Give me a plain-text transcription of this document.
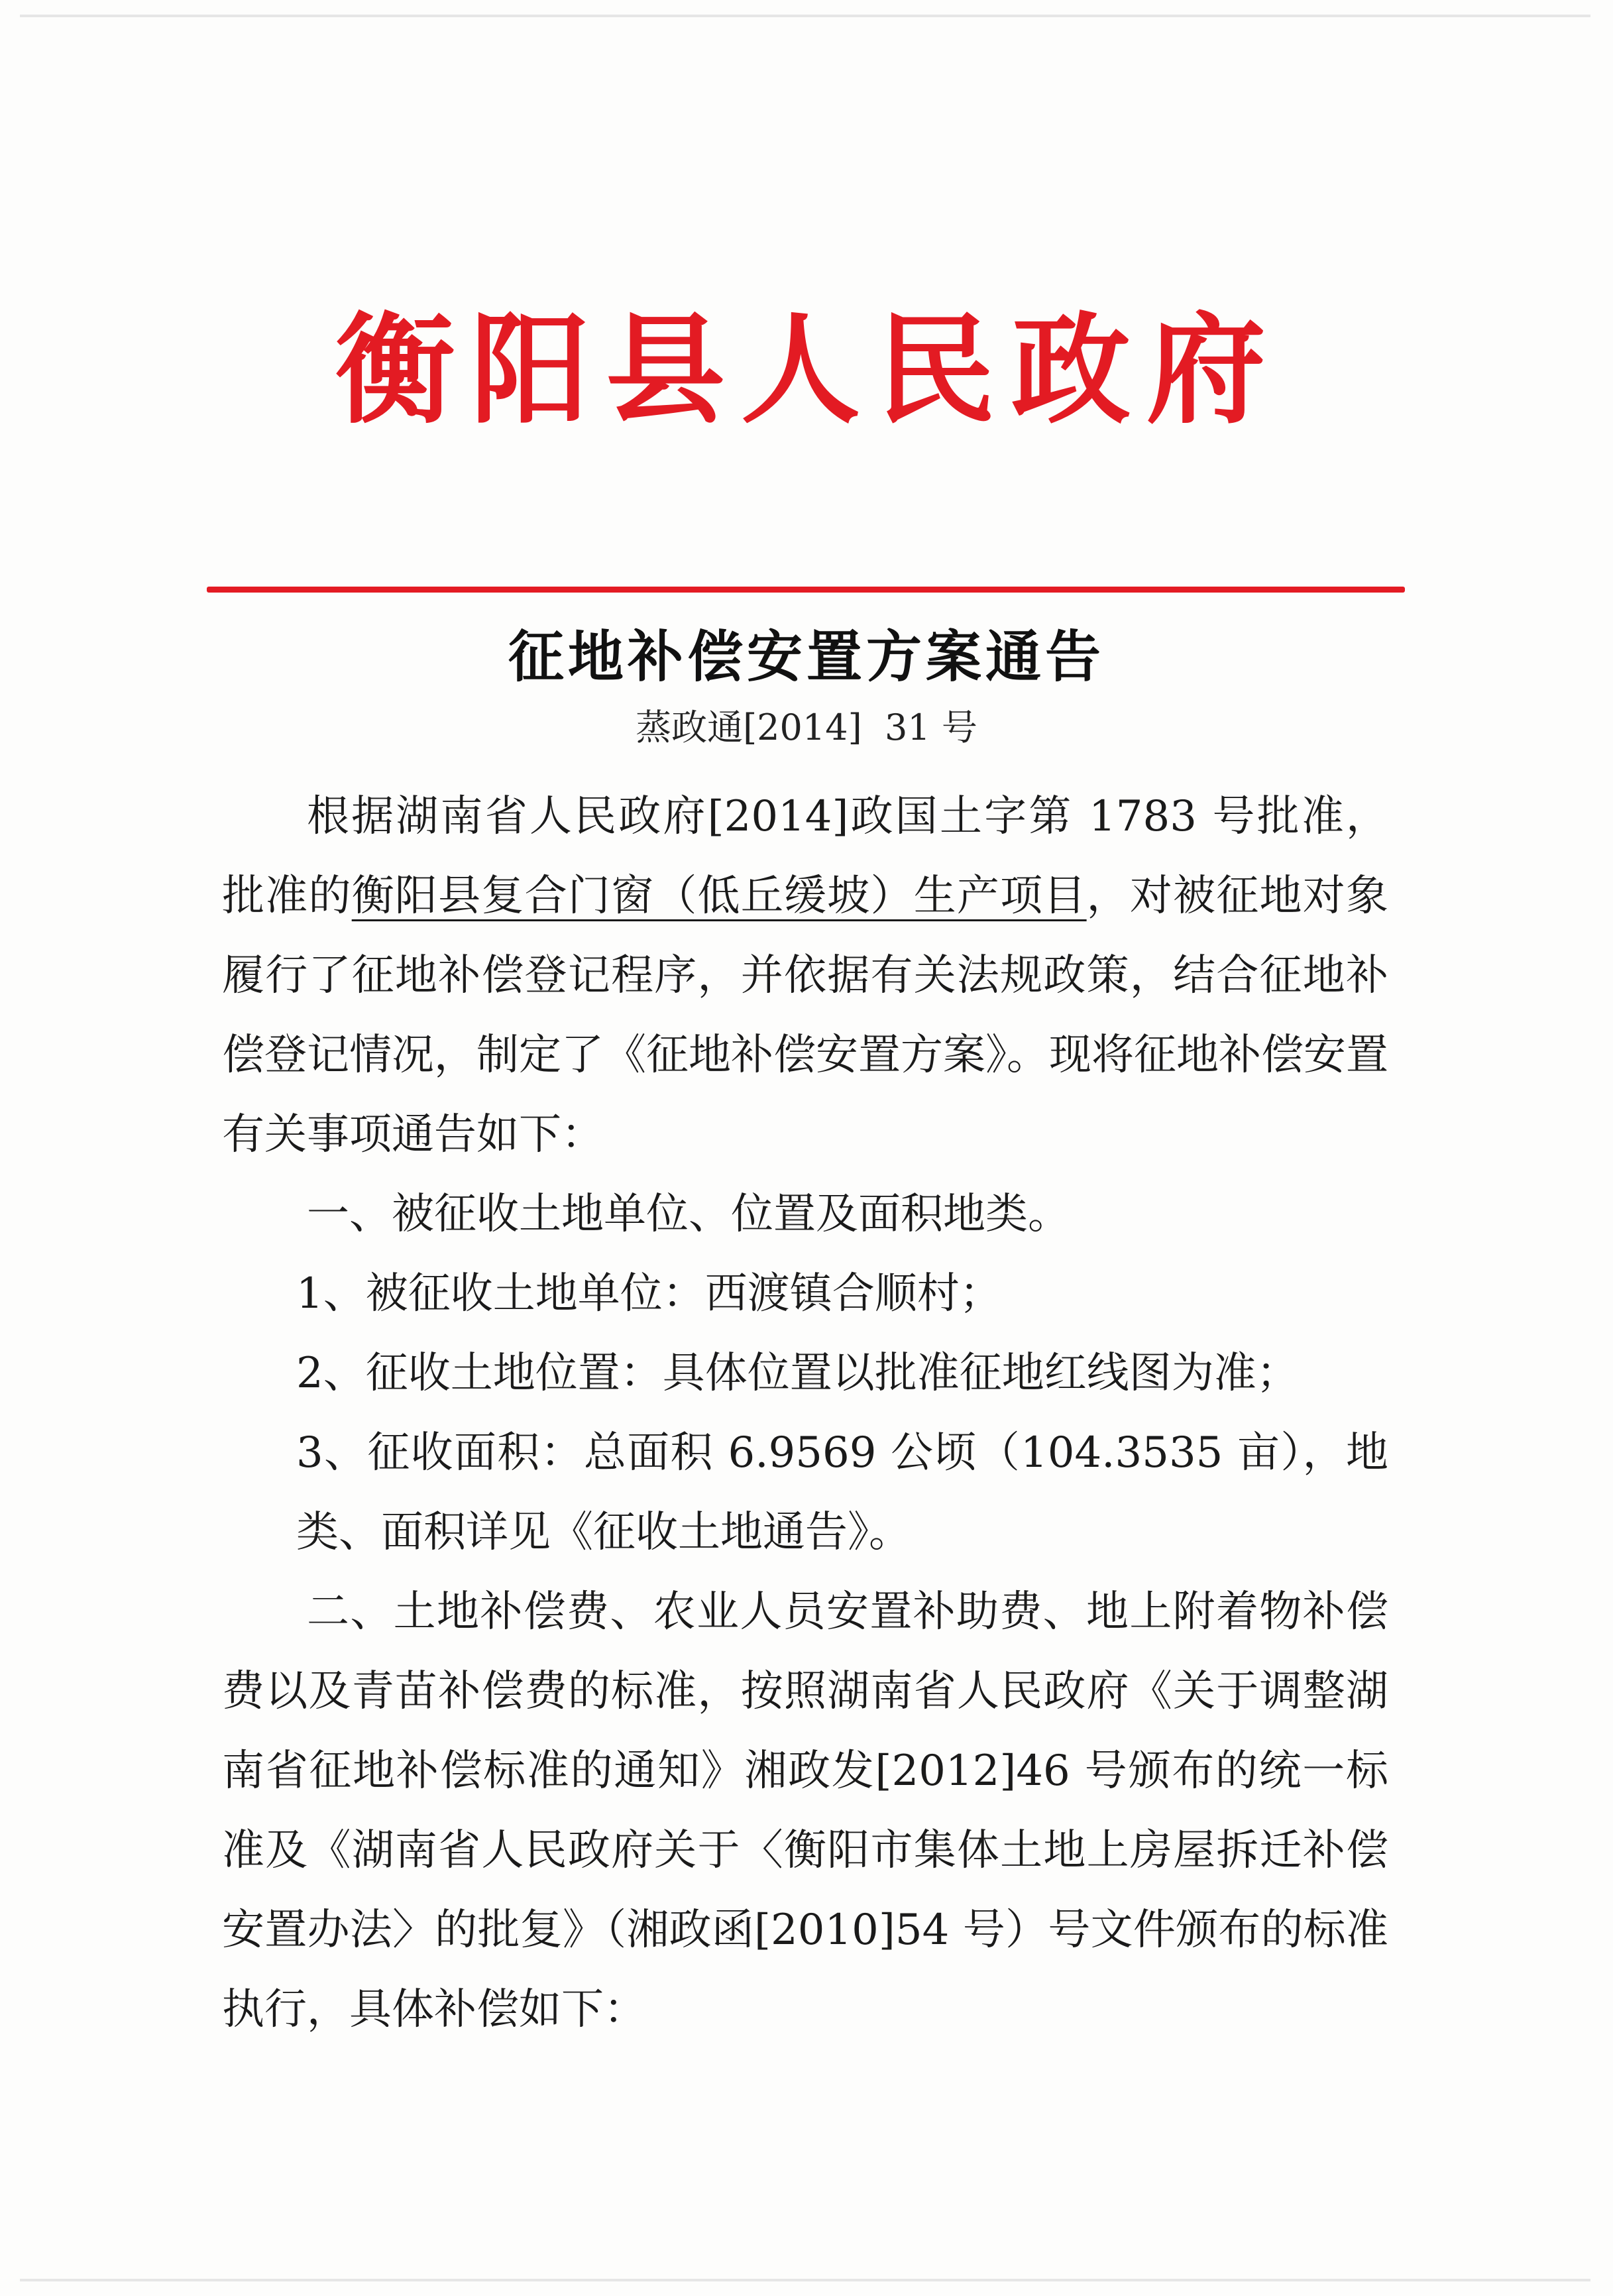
衡阳县人民政府
征地补偿安置方案通告
蒸政通[2014]  31 号

根据湖南省人民政府[2014]政国土字第 1783 号批准，批准的衡阳县复合门窗（低丘缓坡）生产项目，对被征地对象履行了征地补偿登记程序，并依据有关法规政策，结合征地补偿登记情况，制定了《征地补偿安置方案》。现将征地补偿安置有关事项通告如下：

一、被征收土地单位、位置及面积地类。

1、被征收土地单位：西渡镇合顺村；

2、征收土地位置：具体位置以批准征地红线图为准；

3、征收面积：总面积 6.9569 公顷（104.3535 亩），地类、面积详见《征收土地通告》。

二、土地补偿费、农业人员安置补助费、地上附着物补偿费以及青苗补偿费的标准，按照湖南省人民政府《关于调整湖南省征地补偿标准的通知》湘政发[2012]46 号颁布的统一标准及《湖南省人民政府关于〈衡阳市集体土地上房屋拆迁补偿安置办法〉的批复》（湘政函[2010]54 号）号文件颁布的标准执行，具体补偿如下：
